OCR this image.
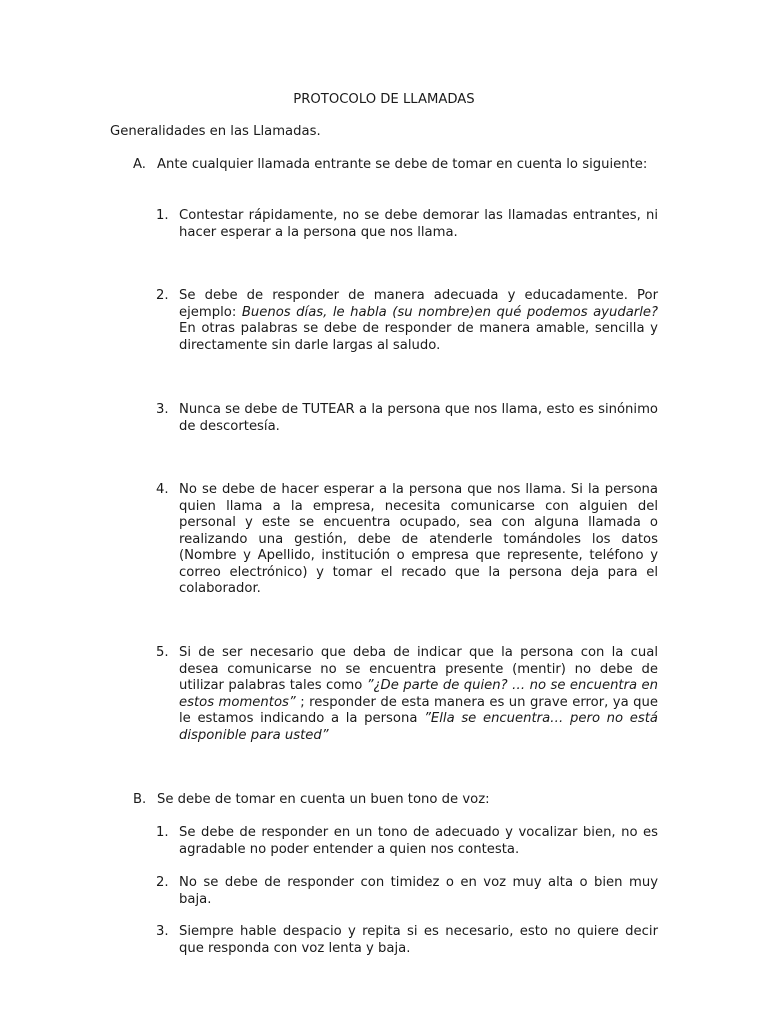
PROTOCOLO DE LLAMADAS
Generalidades en las Llamadas.
A. Ante cualquier llamada entrante se debe de tomar en cuenta lo siguiente:
1. Contestar rápidamente, no se debe demorar las llamadas entrantes, ni hacer esperar a la persona que nos llama.
2. Se debe de responder de manera adecuada y educadamente. Por ejemplo: Buenos días, le habla (su nombre)en qué podemos ayudarle? En otras palabras se debe de responder de manera amable, sencilla y directamente sin darle largas al saludo.
3. Nunca se debe de TUTEAR a la persona que nos llama, esto es sinónimo de descortesía.
4. No se debe de hacer esperar a la persona que nos llama. Si la persona quien llama a la empresa, necesita comunicarse con alguien del personal y este se encuentra ocupado, sea con alguna llamada o realizando una gestión, debe de atenderle tomándoles los datos (Nombre y Apellido, institución o empresa que represente, teléfono y correo electrónico) y tomar el recado que la persona deja para el colaborador.
5. Si de ser necesario que deba de indicar que la persona con la cual desea comunicarse no se encuentra presente (mentir) no debe de utilizar palabras tales como ”¿De parte de quien? … no se encuentra en estos momentos” ; responder de esta manera es un grave error, ya que le estamos indicando a la persona ”Ella se encuentra… pero no está disponible para usted”
B. Se debe de tomar en cuenta un buen tono de voz:
1. Se debe de responder en un tono de adecuado y vocalizar bien, no es agradable no poder entender a quien nos contesta.
2. No se debe de responder con timidez o en voz muy alta o bien muy baja.
3. Siempre hable despacio y repita si es necesario, esto no quiere decir que responda con voz lenta y baja.
